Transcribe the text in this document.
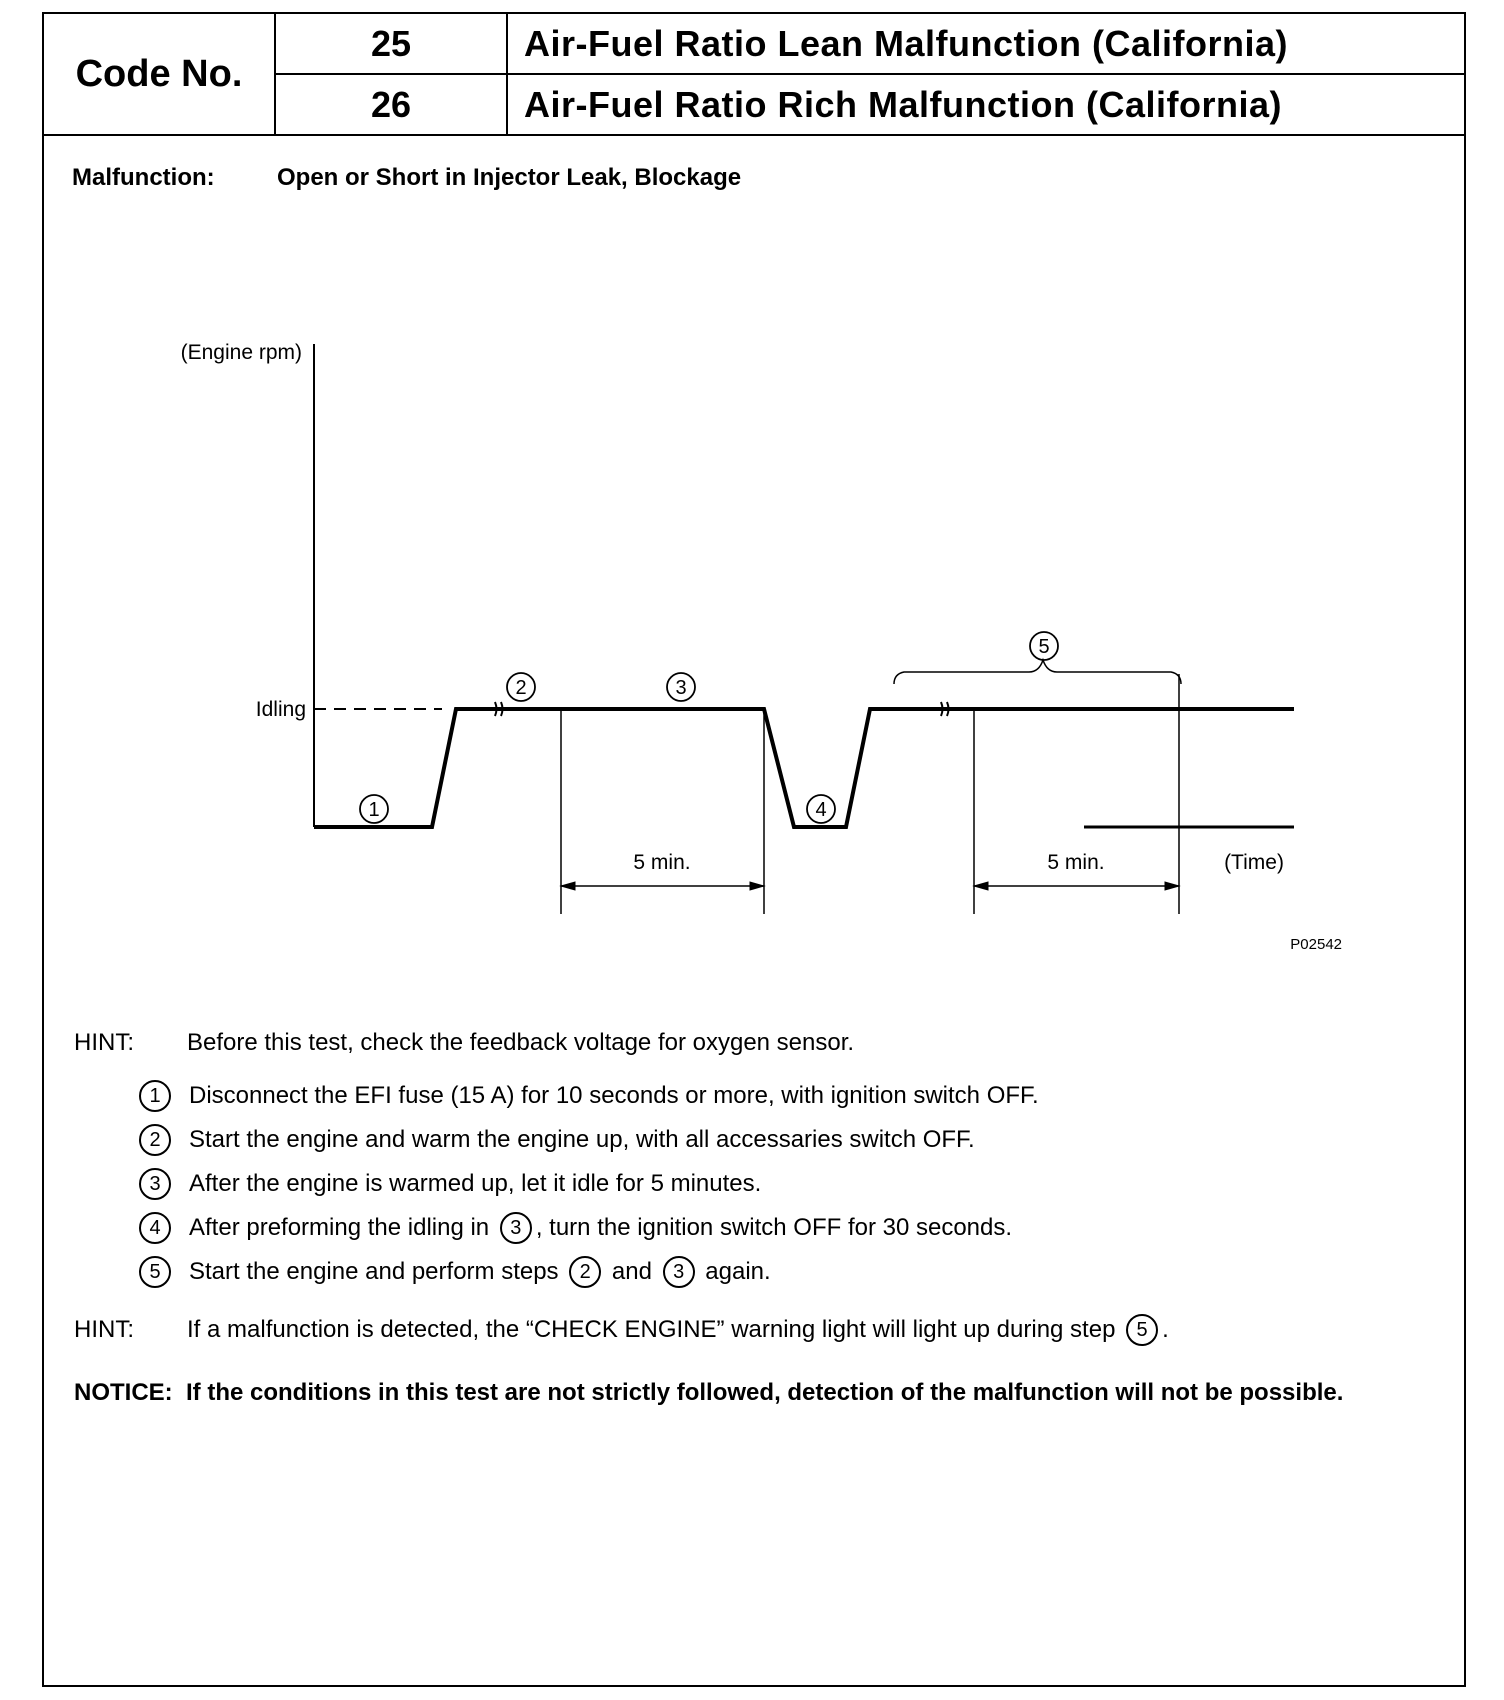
Code No.
25	Air-Fuel Ratio Lean Malfunction (California)
26	Air-Fuel Ratio Rich Malfunction (California)
Malfunction:	Open or Short in Injector Leak, Blockage
(Engine rpm)
Idling
(Time)
5 min.	5 min.
P02542
1
2	3
4
5
HINT: Before this test, check the feedback voltage for oxygen sensor.
1	Disconnect the EFI fuse (15 A) for 10 seconds or more, with ignition switch OFF.
2	Start the engine and warm the engine up, with all accessaries switch OFF.
3	After the engine is warmed up, let it idle for 5 minutes.
4	After preforming the idling in
	3 , turn the ignition switch OFF for 30 seconds.
5	Start the engine and perform steps
	2
and
	3
again.
HINT:	If a malfunction is detected, the “CHECK ENGINE” warning light will light up during step
	5 .
NOTICE: If the conditions in this test are not strictly followed, detection of the malfunction will not be possible.
